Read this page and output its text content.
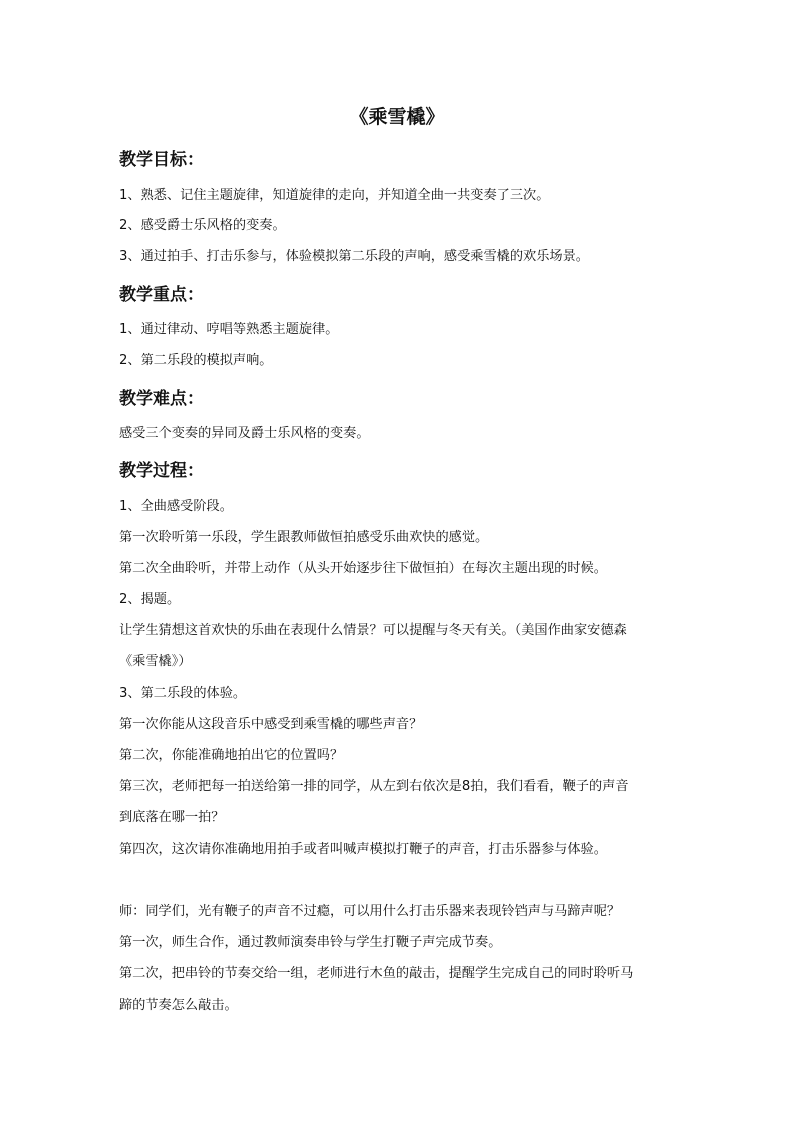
《乘雪橇》
教学目标：
1、熟悉、记住主题旋律，知道旋律的走向，并知道全曲一共变奏了三次。
2、感受爵士乐风格的变奏。
3、通过拍手、打击乐参与，体验模拟第二乐段的声响，感受乘雪橇的欢乐场景。
教学重点：
1、通过律动、哼唱等熟悉主题旋律。
2、第二乐段的模拟声响。
教学难点：
感受三个变奏的异同及爵士乐风格的变奏。
教学过程：
1、全曲感受阶段。
第一次聆听第一乐段，学生跟教师做恒拍感受乐曲欢快的感觉。
第二次全曲聆听，并带上动作（从头开始逐步往下做恒拍）在每次主题出现的时候。
2、揭题。
让学生猜想这首欢快的乐曲在表现什么情景？可以提醒与冬天有关。（美国作曲家安德森
《乘雪橇》）
3、第二乐段的体验。
第一次你能从这段音乐中感受到乘雪橇的哪些声音？
第二次，你能准确地拍出它的位置吗？
第三次，老师把每一拍送给第一排的同学，从左到右依次是8拍，我们看看，鞭子的声音
到底落在哪一拍？
第四次，这次请你准确地用拍手或者叫喊声模拟打鞭子的声音，打击乐器参与体验。
师：同学们，光有鞭子的声音不过瘾，可以用什么打击乐器来表现铃铛声与马蹄声呢？
第一次，师生合作，通过教师演奏串铃与学生打鞭子声完成节奏。
第二次，把串铃的节奏交给一组，老师进行木鱼的敲击，提醒学生完成自己的同时聆听马
蹄的节奏怎么敲击。
